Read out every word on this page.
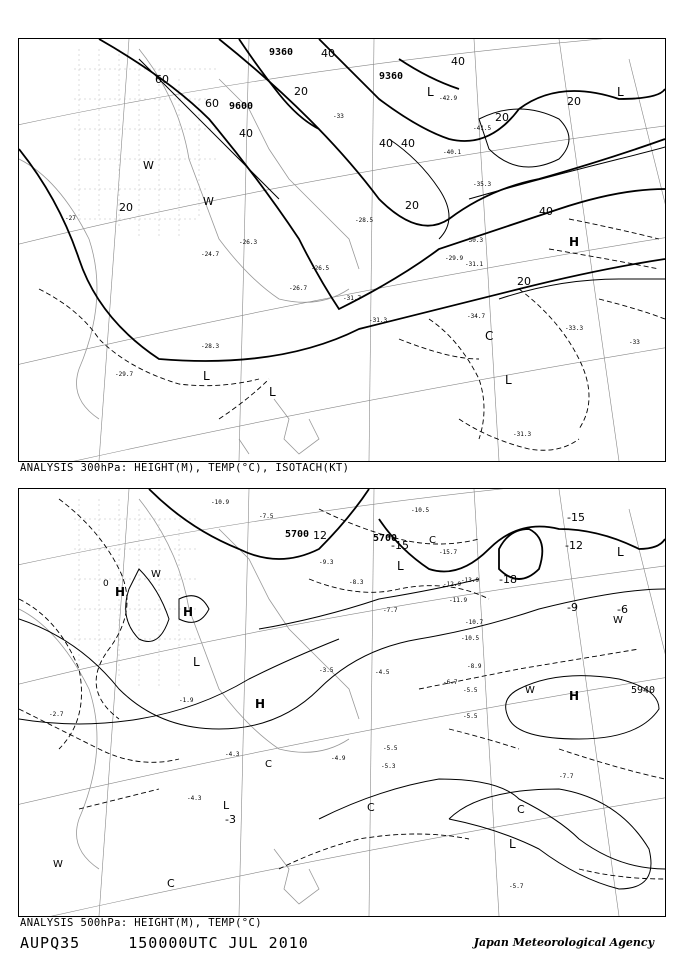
9360
9360
9600
40
20
60
60
40
20
40 40
20
40
20
20
40
20
L
W
W
L
L
H
C
L
L
-27
-29.7
-28.3
-26.3
-24.7
-33
-31.7
-34.7
-33.3
-40.1
-42.9
-41.5
-31.3
-30.3
-31.1
-35.3
-29.9
-28.5
-26.7
-26.5
-33
-31.3
ANALYSIS 300hPa: HEIGHT(M), TEMP(°C), ISOTACH(KT)
5700	5700
5940
-15	-12
-18
-15
12
-9	-6
-3
0
L
L
H
H
L
W
W
W	H
H
C
C
L
C
C
W
C
L
-10.5
-12.9
-15.7
-13.9
-11.9
-10.7
-10.5
-8.9
-6.7
-5.5
-5.5
-4.5
-4.9
-5.3
-5.5
-7.7
-5.7
-4.3
-4.3
-1.9
-3.5
-8.3
-7.7
-9.3
-10.9
-7.5
-2.7
ANALYSIS 500hPa: HEIGHT(M), TEMP(°C)
AUPQ35	150000UTC JUL 2010	Japan Meteorological Agency
